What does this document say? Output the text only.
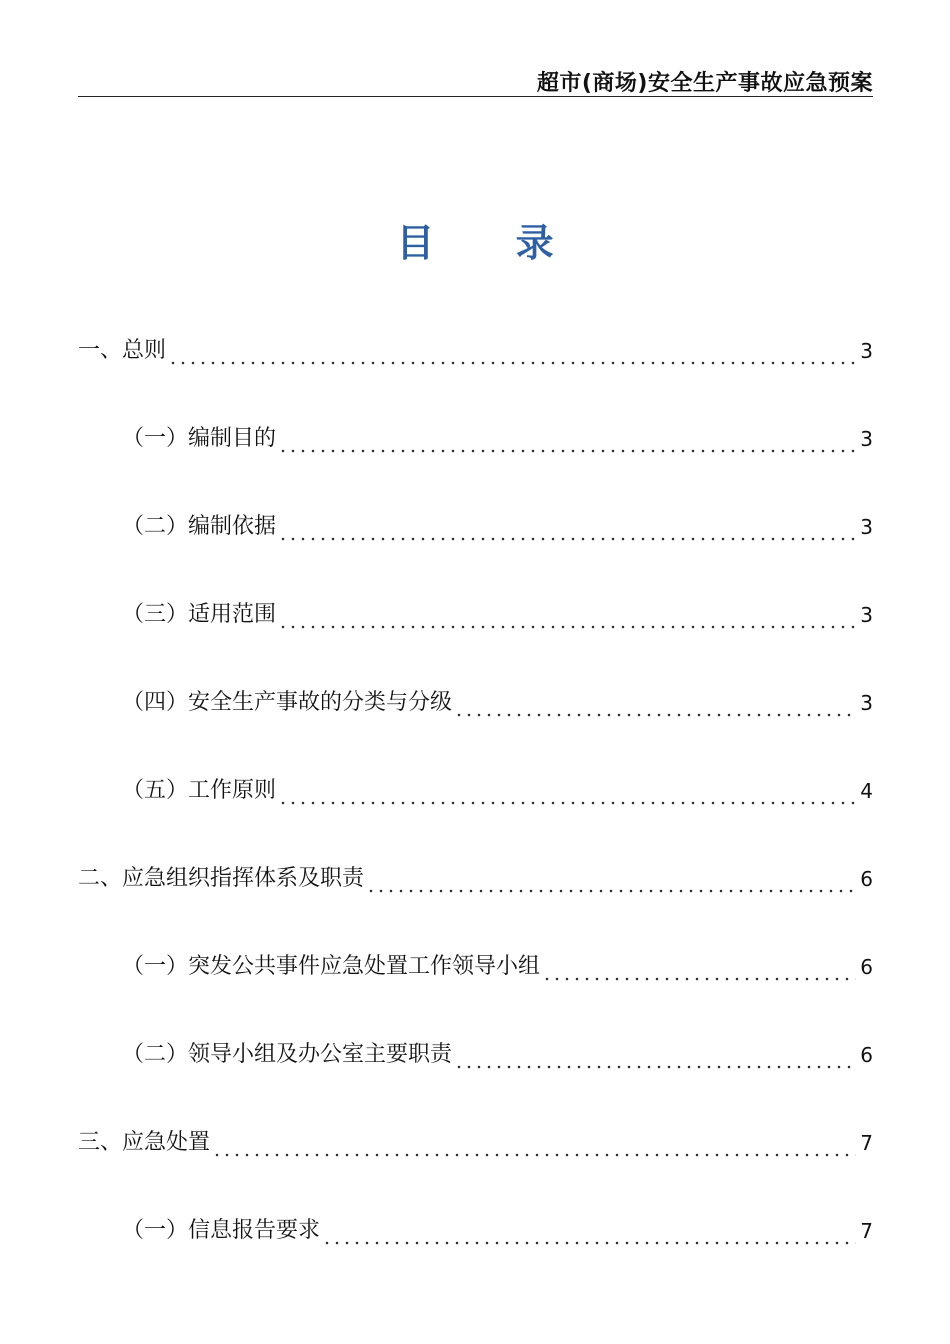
超市(商场)安全生产事故应急预案
目 录
一、总则	3
（一）编制目的	3
（二）编制依据	3
（三）适用范围	3
（四）安全生产事故的分类与分级	3
（五）工作原则	4
二、应急组织指挥体系及职责	6
（一）突发公共事件应急处置工作领导小组	6
（二）领导小组及办公室主要职责	6
三、应急处置	7
（一）信息报告要求	7
